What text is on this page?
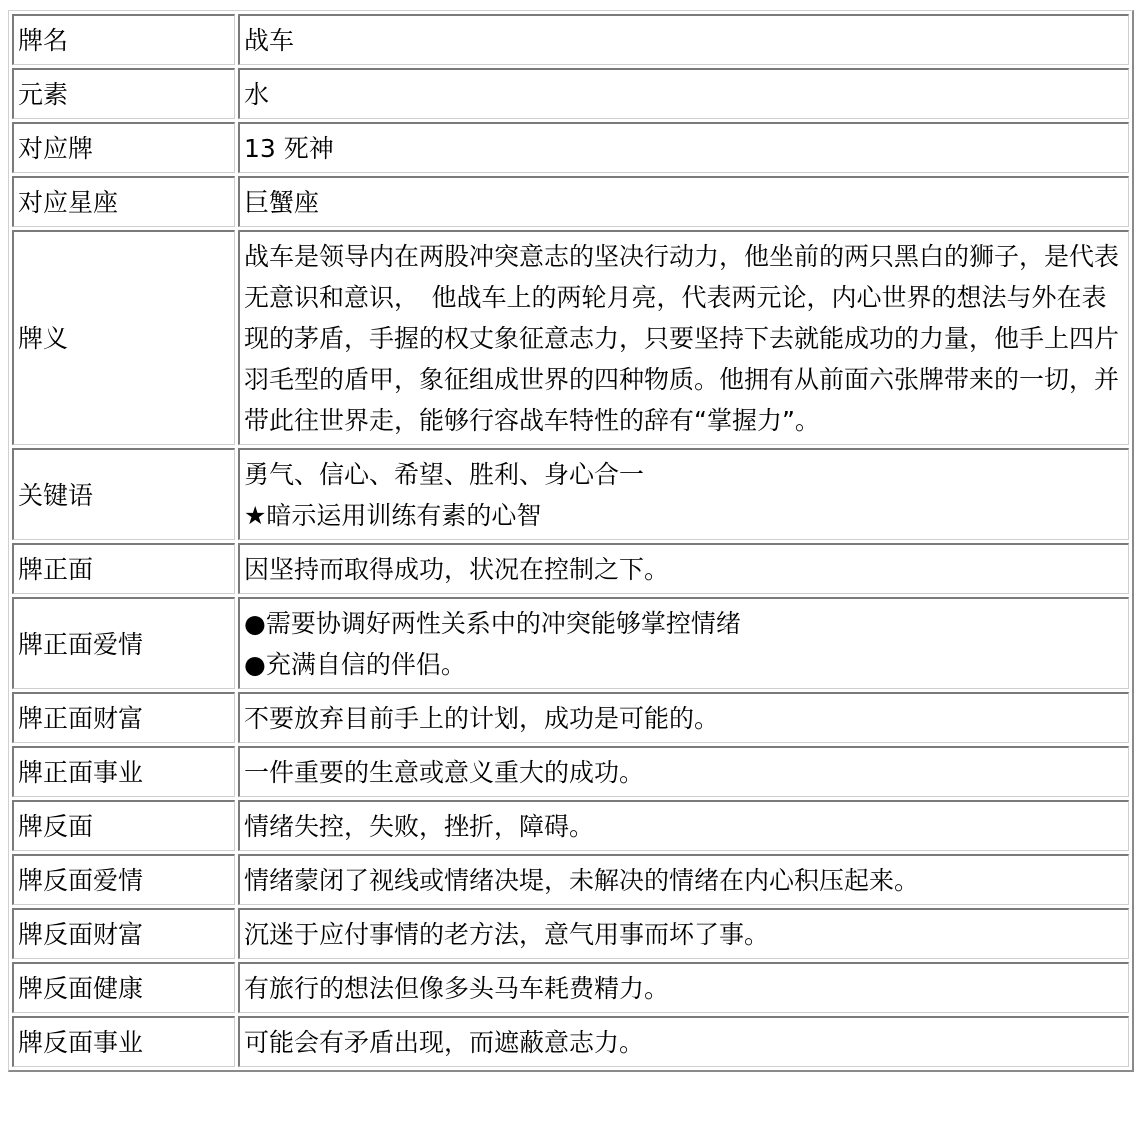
牌名	战车

元素	水

对应牌	13 死神

对应星座	巨蟹座

牌义	战车是领导内在两股冲突意志的坚决行动力，他坐前的两只黑白的狮子，是代表无意识和意识，　他战车上的两轮月亮，代表两元论，内心世界的想法与外在表现的茅盾，手握的权丈象征意志力，只要坚持下去就能成功的力量，他手上四片羽毛型的盾甲，象征组成世界的四种物质。他拥有从前面六张牌带来的一切，并带此往世界走，能够行容战车特性的辞有“掌握力”。

关键语	勇气、信心、希望、胜利、身心合一
★暗示运用训练有素的心智

牌正面	因坚持而取得成功，状况在控制之下。

牌正面爱情	●需要协调好两性关系中的冲突能够掌控情绪
●充满自信的伴侣。

牌正面财富	不要放弃目前手上的计划，成功是可能的。

牌正面事业	一件重要的生意或意义重大的成功。

牌反面	情绪失控，失败，挫折，障碍。

牌反面爱情	情绪蒙闭了视线或情绪决堤，未解决的情绪在内心积压起来。

牌反面财富	沉迷于应付事情的老方法，意气用事而坏了事。

牌反面健康	有旅行的想法但像多头马车耗费精力。

牌反面事业	可能会有矛盾出现，而遮蔽意志力。
